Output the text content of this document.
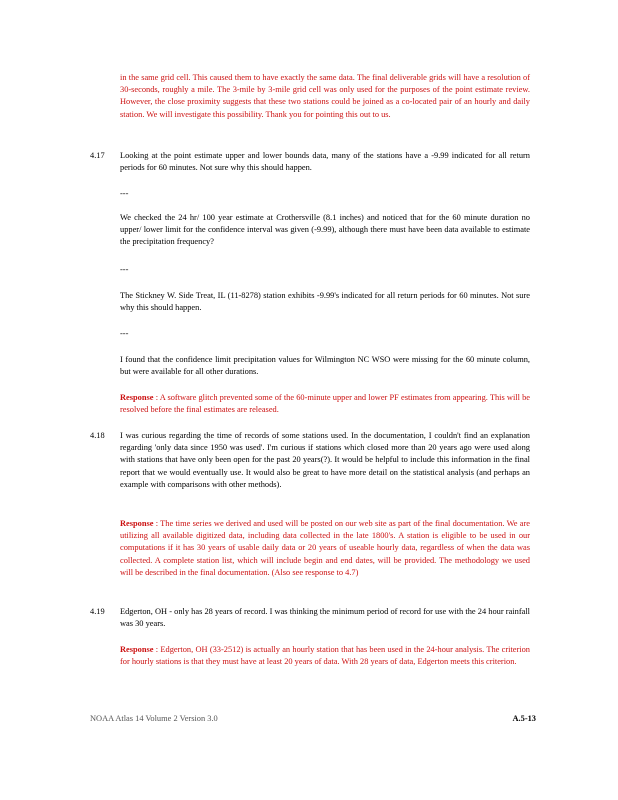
in the same grid cell. This caused them to have exactly the same data. The final deliverable grids will have a resolution of 30-seconds, roughly a mile. The 3-mile by 3-mile grid cell was only used for the purposes of the point estimate review. However, the close proximity suggests that these two stations could be joined as a co-located pair of an hourly and daily station. We will investigate this possibility. Thank you for pointing this out to us.

4.17 Looking at the point estimate upper and lower bounds data, many of the stations have a -9.99 indicated for all return periods for 60 minutes. Not sure why this should happen.

---

We checked the 24 hr/ 100 year estimate at Crothersville (8.1 inches) and noticed that for the 60 minute duration no upper/ lower limit for the confidence interval was given (-9.99), although there must have been data available to estimate the precipitation frequency?

---

The Stickney W. Side Treat, IL (11-8278) station exhibits -9.99's indicated for all return periods for 60 minutes. Not sure why this should happen.

---

I found that the confidence limit precipitation values for Wilmington NC WSO were missing for the 60 minute column, but were available for all other durations.

Response : A software glitch prevented some of the 60-minute upper and lower PF estimates from appearing. This will be resolved before the final estimates are released.

4.18 I was curious regarding the time of records of some stations used. In the documentation, I couldn't find an explanation regarding 'only data since 1950 was used'. I'm curious if stations which closed more than 20 years ago were used along with stations that have only been open for the past 20 years(?). It would be helpful to include this information in the final report that we would eventually use. It would also be great to have more detail on the statistical analysis (and perhaps an example with comparisons with other methods).

Response : The time series we derived and used will be posted on our web site as part of the final documentation. We are utilizing all available digitized data, including data collected in the late 1800's. A station is eligible to be used in our computations if it has 30 years of usable daily data or 20 years of useable hourly data, regardless of when the data was collected. A complete station list, which will include begin and end dates, will be provided. The methodology we used will be described in the final documentation. (Also see response to 4.7)

4.19 Edgerton, OH - only has 28 years of record. I was thinking the minimum period of record for use with the 24 hour rainfall was 30 years.

Response : Edgerton, OH (33-2512) is actually an hourly station that has been used in the 24-hour analysis. The criterion for hourly stations is that they must have at least 20 years of data. With 28 years of data, Edgerton meets this criterion.

NOAA Atlas 14 Volume 2 Version 3.0	A.5-13
